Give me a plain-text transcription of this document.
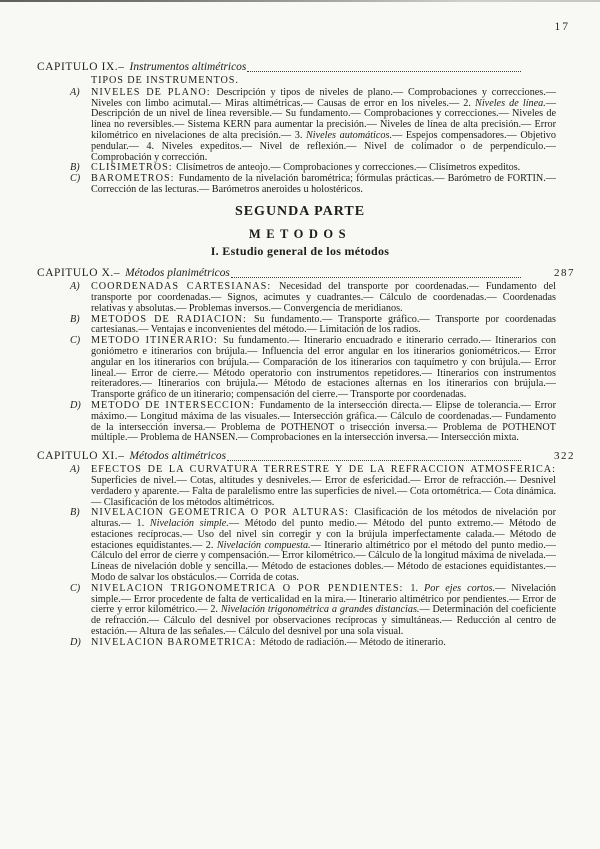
17
CAPITULO IX.– Instrumentos altimétricos
TIPOS DE INSTRUMENTOS.
A)	NIVELES DE PLANO: Descripción y tipos de niveles de plano.— Comprobaciones y correcciones.— Niveles con limbo acimutal.— Miras altimétricas.— Causas de error en los niveles.— 2. Niveles de línea.— Descripción de un nivel de línea reversible.— Su fundamento.— Comprobaciones y correcciones.— Niveles de línea no reversibles.— Sistema KERN para aumentar la precisión.— Niveles de línea de alta precisión.— Error kilométrico en nivelaciones de alta precisión.— 3. Niveles automáticos.— Espejos compensadores.— Objetivo pendular.— 4. Niveles expeditos.— Nivel de reflexión.— Nivel de colimador o de perpendículo.— Comprobación y corrección.
B)	CLISIMETROS: Clisímetros de anteojo.— Comprobaciones y correcciones.— Clisímetros expeditos.
C)	BAROMETROS: Fundamento de la nivelación barométrica; fórmulas prácticas.— Barómetro de FORTIN.— Corrección de las lecturas.— Barómetros aneroides u holostéricos.
SEGUNDA PARTE
METODOS
I. Estudio general de los métodos
CAPITULO X.– Métodos planimétricos	287
A)	COORDENADAS CARTESIANAS: Necesidad del transporte por coordenadas.— Fundamento del transporte por coordenadas.— Signos, acimutes y cuadrantes.— Cálculo de coordenadas.— Coordenadas relativas y absolutas.— Problemas inversos.— Convergencia de meridianos.
B)	METODOS DE RADIACION: Su fundamento.— Transporte gráfico.— Transporte por coordenadas cartesianas.— Ventajas e inconvenientes del método.— Limitación de los radios.
C)	METODO ITINERARIO: Su fundamento.— Itinerario encuadrado e itinerario cerrado.— Itinerarios con goniómetro e itinerarios con brújula.— Influencia del error angular en los itinerarios goniométricos.— Error angular en los itinerarios con brújula.— Comparación de los itinerarios con taquímetro y con brújula.— Error lineal.— Error de cierre.— Método operatorio con instrumentos repetidores.— Itinerarios con instrumentos reiteradores.— Itinerarios con brújula.— Método de estaciones alternas en los itinerarios con brújula.— Transporte gráfico de un itinerario; compensación del cierre.— Transporte por coordenadas.
D)	METODO DE INTERSECCION: Fundamento de la intersección directa.— Elipse de tolerancia.— Error máximo.— Longitud máxima de las visuales.— Intersección gráfica.— Cálculo de coordenadas.— Fundamento de la intersección inversa.— Problema de POTHENOT o trisección inversa.— Problema de POTHENOT múltiple.— Problema de HANSEN.— Comprobaciones en la intersección inversa.— Intersección mixta.
CAPITULO XI.– Métodos altimétricos	322
A)	EFECTOS DE LA CURVATURA TERRESTRE Y DE LA REFRACCION ATMOSFERICA: Superficies de nivel.— Cotas, altitudes y desniveles.— Error de esfericidad.— Error de refracción.— Desnivel verdadero y aparente.— Falta de paralelismo entre las superficies de nivel.— Cota ortométrica.— Cota dinámica.— Clasificación de los métodos altimétricos.
B)	NIVELACION GEOMETRICA O POR ALTURAS: Clasificación de los métodos de nivelación por alturas.— 1. Nivelación simple.— Método del punto medio.— Método del punto extremo.— Método de estaciones recíprocas.— Uso del nivel sin corregir y con la brújula imperfectamente calada.— Método de estaciones equidistantes.— 2. Nivelación compuesta.— Itinerario altimétrico por el método del punto medio.— Cálculo del error de cierre y compensación.— Error kilométrico.— Cálculo de la longitud máxima de nivelada.— Líneas de nivelación doble y sencilla.— Método de estaciones dobles.— Método de estaciones equidistantes.— Modo de salvar los obstáculos.— Corrida de cotas.
C)	NIVELACION TRIGONOMETRICA O POR PENDIENTES: 1. Por ejes cortos.— Nivelación simple.— Error procedente de falta de verticalidad en la mira.— Itinerario altimétrico por pendientes.— Error de cierre y error kilométrico.— 2. Nivelación trigonométrica a grandes distancias.— Determinación del coeficiente de refracción.— Cálculo del desnivel por observaciones recíprocas y simultáneas.— Reducción al centro de estación.— Altura de las señales.— Cálculo del desnivel por una sola visual.
D)	NIVELACION BAROMETRICA: Método de radiación.— Método de itinerario.
